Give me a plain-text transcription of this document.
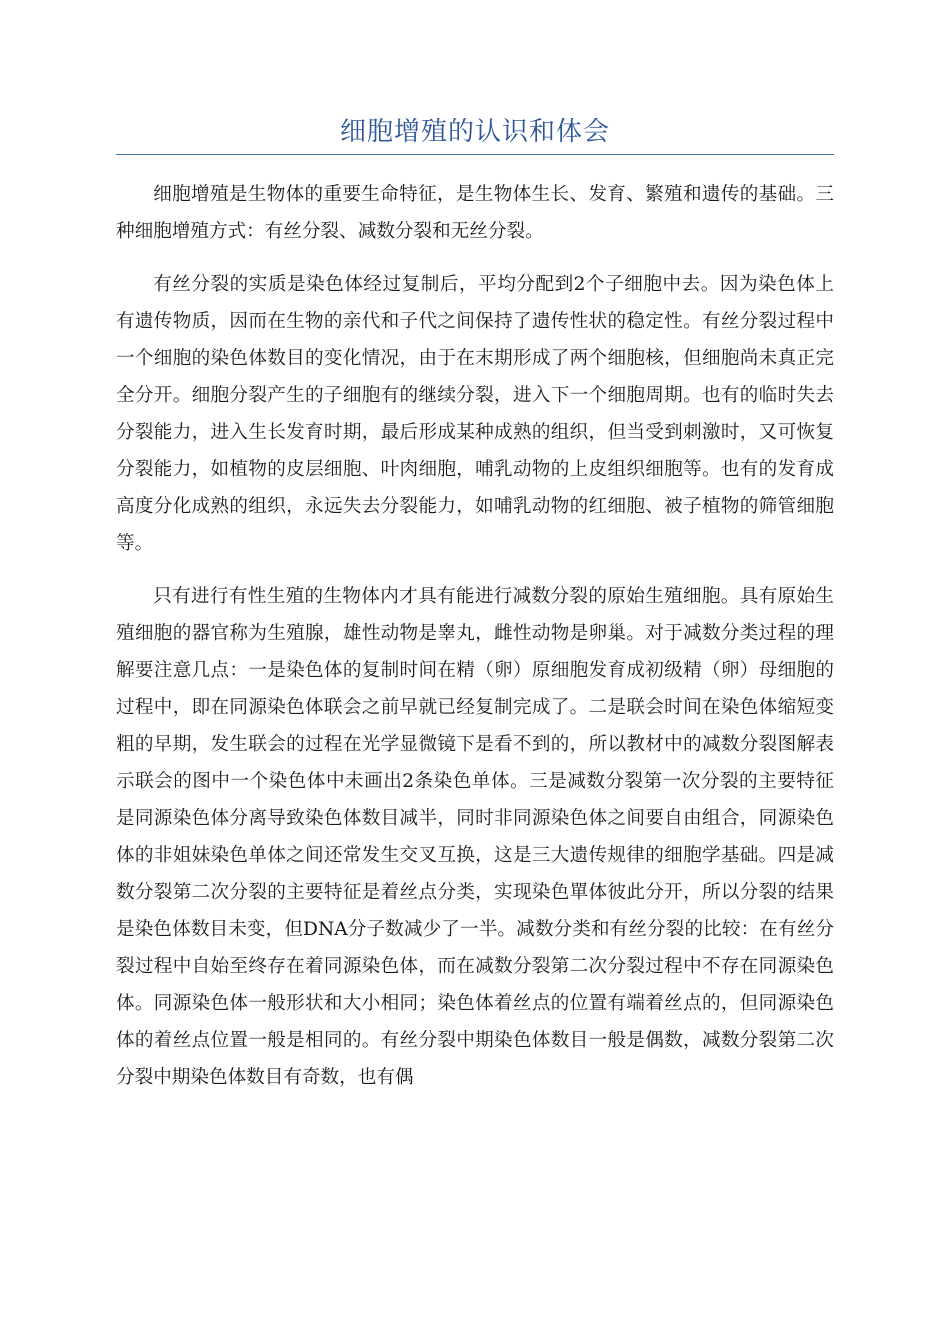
细胞增殖的认识和体会

细胞增殖是生物体的重要生命特征，是生物体生长、发育、繁殖和遗传的基础。三种细胞增殖方式：有丝分裂、减数分裂和无丝分裂。

有丝分裂的实质是染色体经过复制后，平均分配到2个子细胞中去。因为染色体上有遗传物质，因而在生物的亲代和子代之间保持了遗传性状的稳定性。有丝分裂过程中一个细胞的染色体数目的变化情况，由于在末期形成了两个细胞核，但细胞尚未真正完全分开。细胞分裂产生的子细胞有的继续分裂，进入下一个细胞周期。也有的临时失去分裂能力，进入生长发育时期，最后形成某种成熟的组织，但当受到刺激时，又可恢复分裂能力，如植物的皮层细胞、叶肉细胞，哺乳动物的上皮组织细胞等。也有的发育成高度分化成熟的组织，永远失去分裂能力，如哺乳动物的红细胞、被子植物的筛管细胞等。

只有进行有性生殖的生物体内才具有能进行减数分裂的原始生殖细胞。具有原始生殖细胞的器官称为生殖腺，雄性动物是睾丸，雌性动物是卵巢。对于减数分类过程的理解要注意几点：一是染色体的复制时间在精（卵）原细胞发育成初级精（卵）母细胞的过程中，即在同源染色体联会之前早就已经复制完成了。二是联会时间在染色体缩短变粗的早期，发生联会的过程在光学显微镜下是看不到的，所以教材中的减数分裂图解表示联会的图中一个染色体中未画出2条染色单体。三是减数分裂第一次分裂的主要特征是同源染色体分离导致染色体数目减半，同时非同源染色体之间要自由组合，同源染色体的非姐妹染色单体之间还常发生交叉互换，这是三大遗传规律的细胞学基础。四是减数分裂第二次分裂的主要特征是着丝点分类，实现染色單体彼此分开，所以分裂的结果是染色体数目未变，但DNA分子数减少了一半。减数分类和有丝分裂的比较：在有丝分裂过程中自始至终存在着同源染色体，而在减数分裂第二次分裂过程中不存在同源染色体。同源染色体一般形状和大小相同；染色体着丝点的位置有端着丝点的，但同源染色体的着丝点位置一般是相同的。有丝分裂中期染色体数目一般是偶数，减数分裂第二次分裂中期染色体数目有奇数，也有偶
